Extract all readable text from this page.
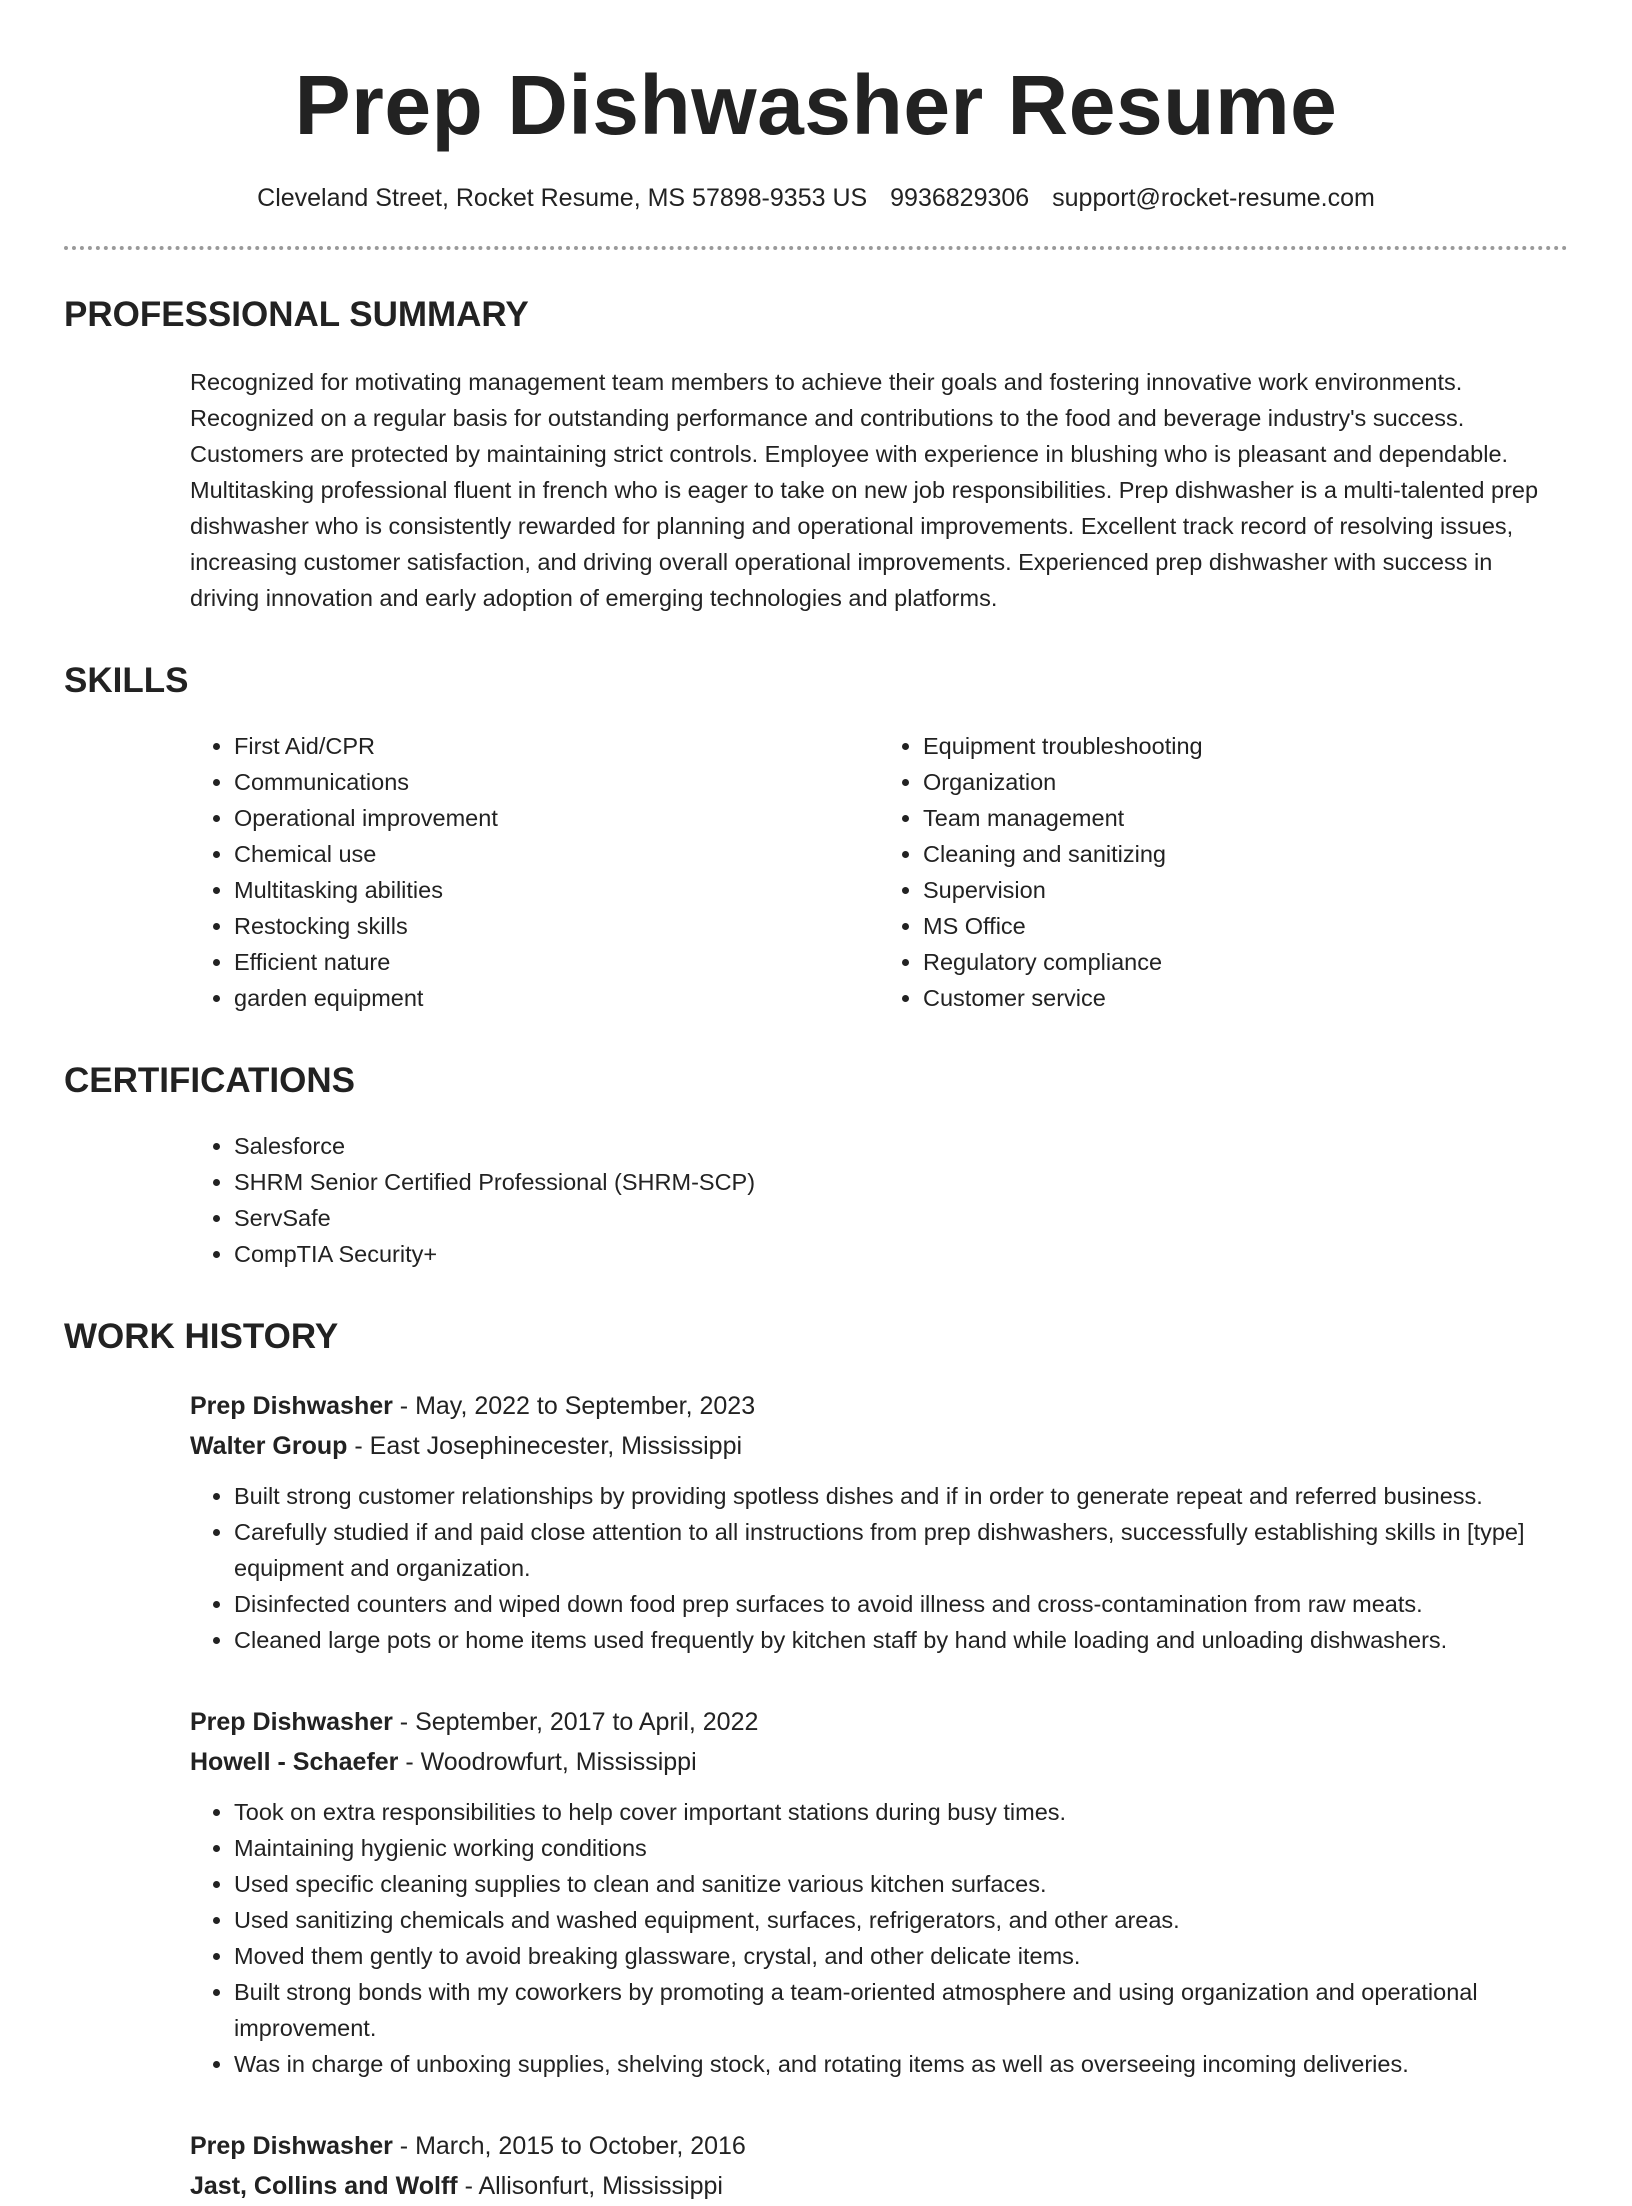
Prep Dishwasher Resume
Cleveland Street, Rocket Resume, MS 57898-9353 US 9936829306 support@rocket-resume.com
PROFESSIONAL SUMMARY
Recognized for motivating management team members to achieve their goals and fostering innovative work environments. Recognized on a regular basis for outstanding performance and contributions to the food and beverage industry's success. Customers are protected by maintaining strict controls. Employee with experience in blushing who is pleasant and dependable. Multitasking professional fluent in french who is eager to take on new job responsibilities. Prep dishwasher is a multi-talented prep dishwasher who is consistently rewarded for planning and operational improvements. Excellent track record of resolving issues, increasing customer satisfaction, and driving overall operational improvements. Experienced prep dishwasher with success in driving innovation and early adoption of emerging technologies and platforms.
SKILLS
• First Aid/CPR
• Communications
• Operational improvement
• Chemical use
• Multitasking abilities
• Restocking skills
• Efficient nature
• garden equipment
• Equipment troubleshooting
• Organization
• Team management
• Cleaning and sanitizing
• Supervision
• MS Office
• Regulatory compliance
• Customer service
CERTIFICATIONS
• Salesforce
• SHRM Senior Certified Professional (SHRM-SCP)
• ServSafe
• CompTIA Security+
WORK HISTORY
Prep Dishwasher - May, 2022 to September, 2023
Walter Group - East Josephinecester, Mississippi
• Built strong customer relationships by providing spotless dishes and if in order to generate repeat and referred business.
• Carefully studied if and paid close attention to all instructions from prep dishwashers, successfully establishing skills in [type] equipment and organization.
• Disinfected counters and wiped down food prep surfaces to avoid illness and cross-contamination from raw meats.
• Cleaned large pots or home items used frequently by kitchen staff by hand while loading and unloading dishwashers.
Prep Dishwasher - September, 2017 to April, 2022
Howell - Schaefer - Woodrowfurt, Mississippi
• Took on extra responsibilities to help cover important stations during busy times.
• Maintaining hygienic working conditions
• Used specific cleaning supplies to clean and sanitize various kitchen surfaces.
• Used sanitizing chemicals and washed equipment, surfaces, refrigerators, and other areas.
• Moved them gently to avoid breaking glassware, crystal, and other delicate items.
• Built strong bonds with my coworkers by promoting a team-oriented atmosphere and using organization and operational improvement.
• Was in charge of unboxing supplies, shelving stock, and rotating items as well as overseeing incoming deliveries.
Prep Dishwasher - March, 2015 to October, 2016
Jast, Collins and Wolff - Allisonfurt, Mississippi
